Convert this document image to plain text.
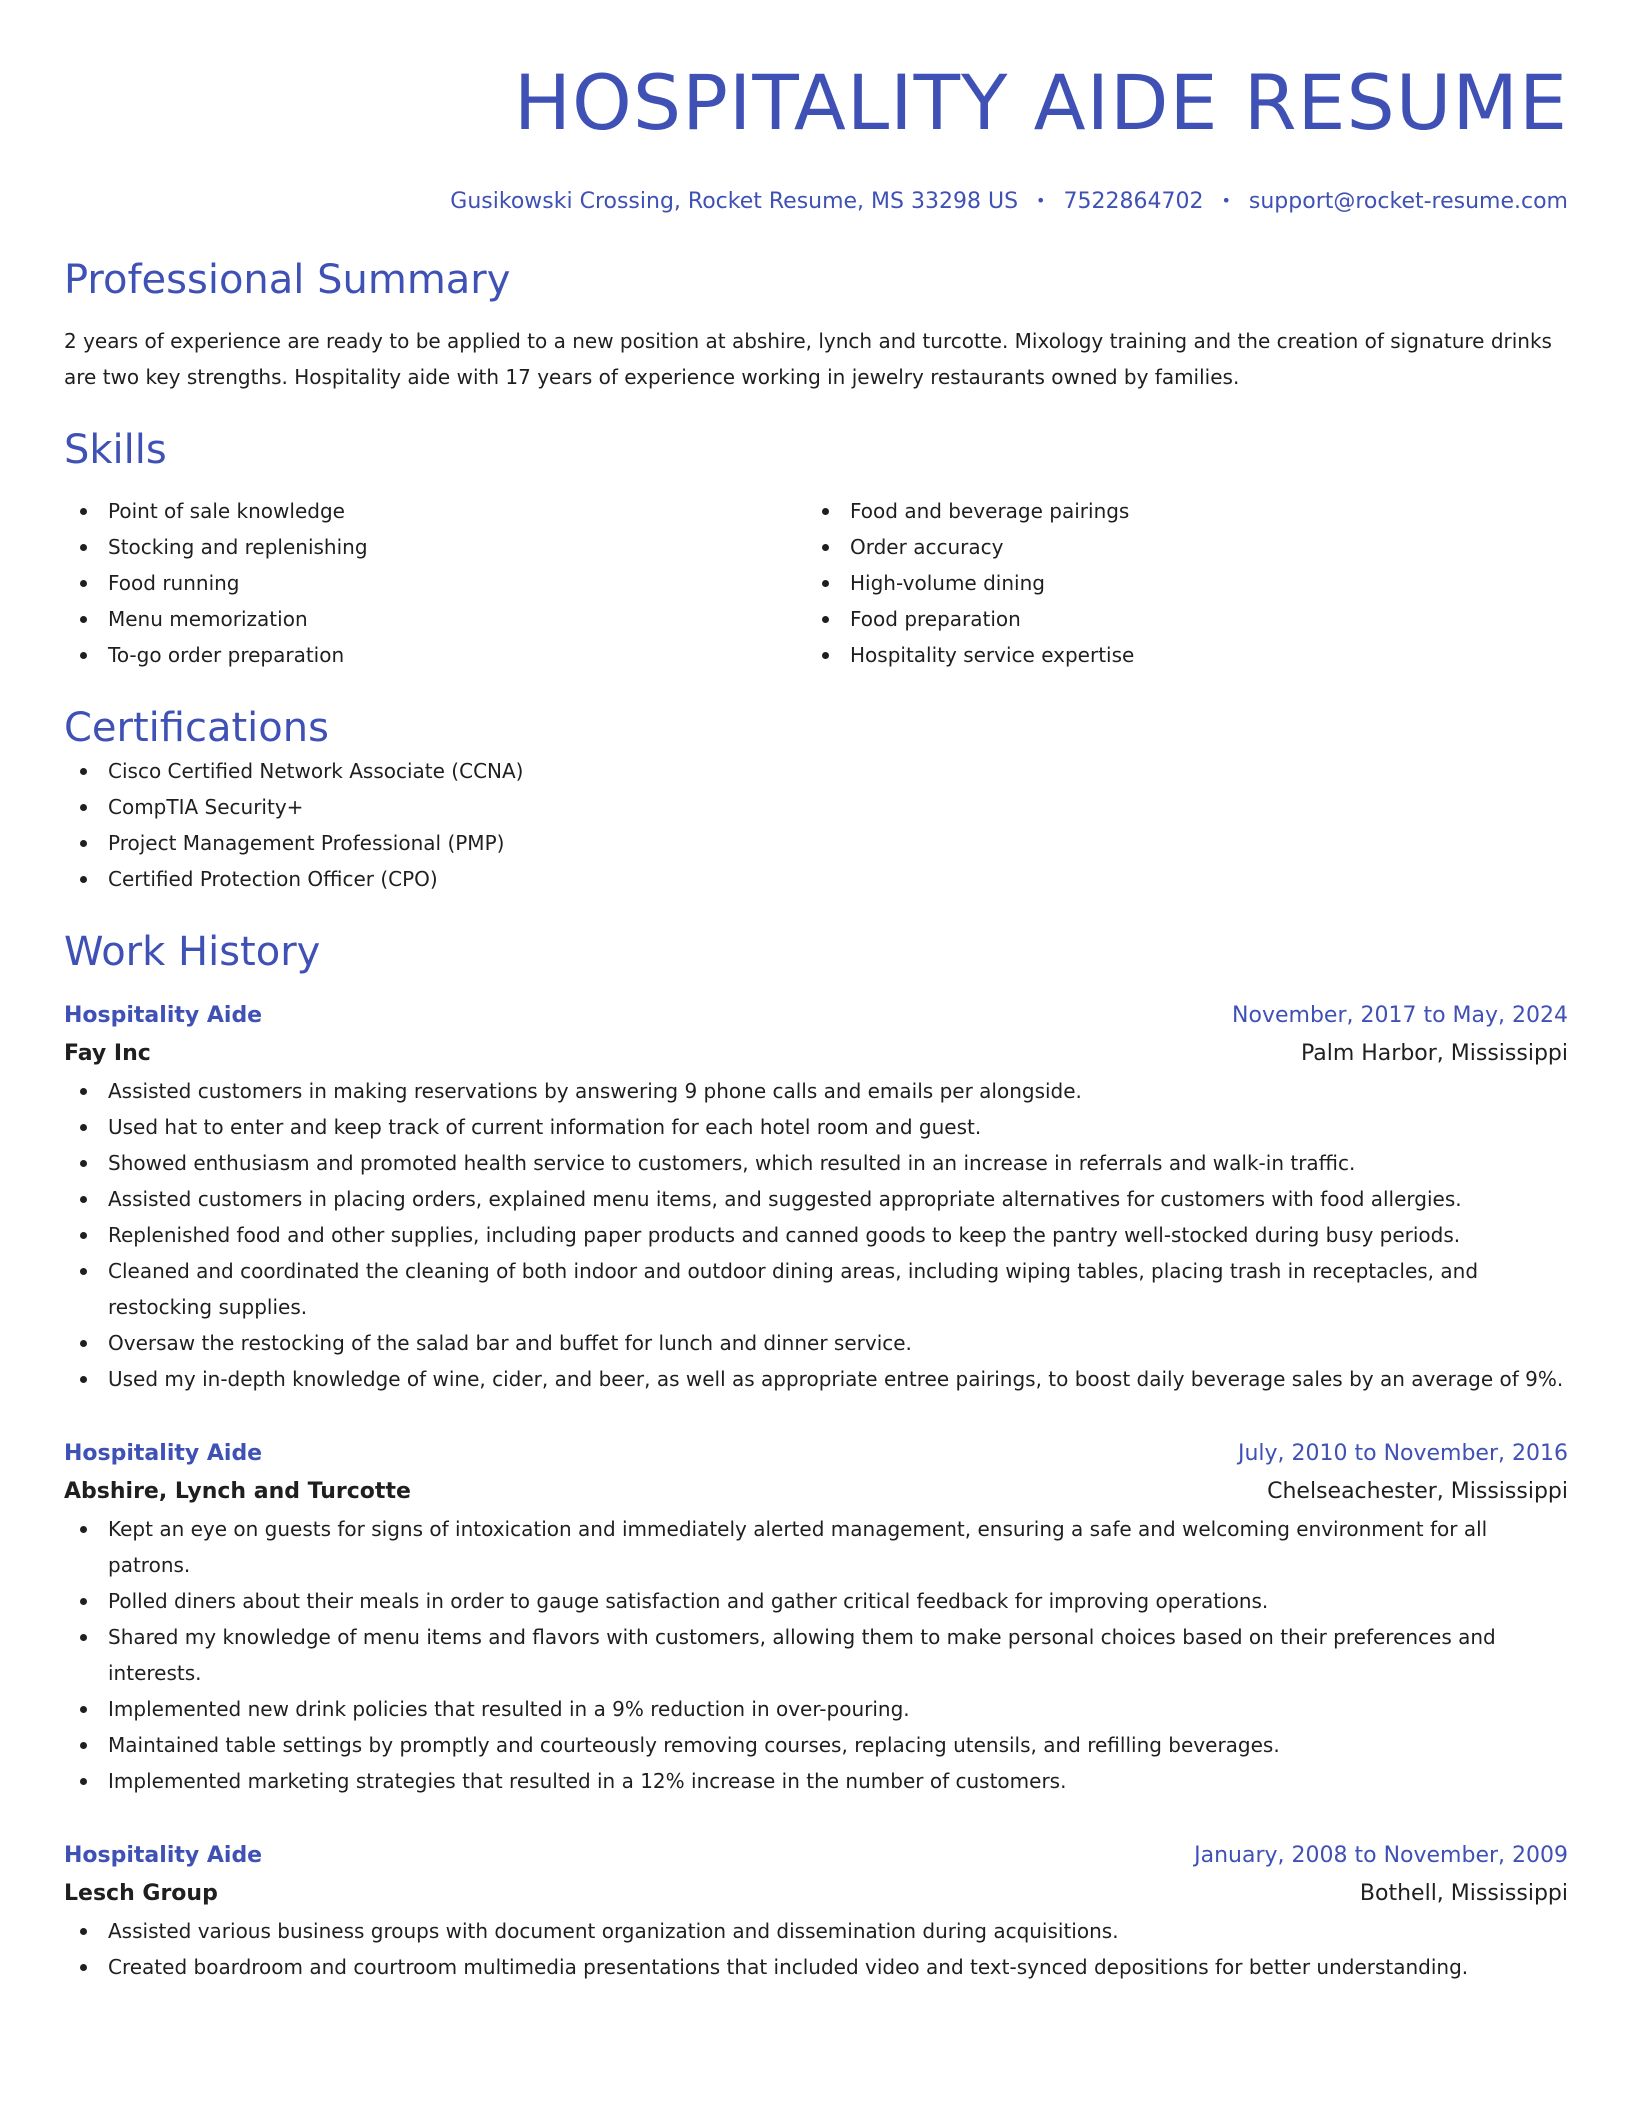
HOSPITALITY AIDE RESUME
Gusikowski Crossing, Rocket Resume, MS 33298 US • 7522864702 • support@rocket-resume.com
Professional Summary
2 years of experience are ready to be applied to a new position at abshire, lynch and turcotte. Mixology training and the creation of signature drinks are two key strengths. Hospitality aide with 17 years of experience working in jewelry restaurants owned by families.
Skills
Point of sale knowledge
Stocking and replenishing
Food running
Menu memorization
To-go order preparation
Food and beverage pairings
Order accuracy
High-volume dining
Food preparation
Hospitality service expertise
Certifications
Cisco Certified Network Associate (CCNA)
CompTIA Security+
Project Management Professional (PMP)
Certified Protection Officer (CPO)
Work History
Hospitality Aide	November, 2017 to May, 2024
Fay Inc	Palm Harbor, Mississippi
Assisted customers in making reservations by answering 9 phone calls and emails per alongside.
Used hat to enter and keep track of current information for each hotel room and guest.
Showed enthusiasm and promoted health service to customers, which resulted in an increase in referrals and walk-in traffic.
Assisted customers in placing orders, explained menu items, and suggested appropriate alternatives for customers with food allergies.
Replenished food and other supplies, including paper products and canned goods to keep the pantry well-stocked during busy periods.
Cleaned and coordinated the cleaning of both indoor and outdoor dining areas, including wiping tables, placing trash in receptacles, and restocking supplies.
Oversaw the restocking of the salad bar and buffet for lunch and dinner service.
Used my in-depth knowledge of wine, cider, and beer, as well as appropriate entree pairings, to boost daily beverage sales by an average of 9%.
Hospitality Aide	July, 2010 to November, 2016
Abshire, Lynch and Turcotte	Chelseachester, Mississippi
Kept an eye on guests for signs of intoxication and immediately alerted management, ensuring a safe and welcoming environment for all patrons.
Polled diners about their meals in order to gauge satisfaction and gather critical feedback for improving operations.
Shared my knowledge of menu items and flavors with customers, allowing them to make personal choices based on their preferences and interests.
Implemented new drink policies that resulted in a 9% reduction in over-pouring.
Maintained table settings by promptly and courteously removing courses, replacing utensils, and refilling beverages.
Implemented marketing strategies that resulted in a 12% increase in the number of customers.
Hospitality Aide	January, 2008 to November, 2009
Lesch Group	Bothell, Mississippi
Assisted various business groups with document organization and dissemination during acquisitions.
Created boardroom and courtroom multimedia presentations that included video and text-synced depositions for better understanding.
